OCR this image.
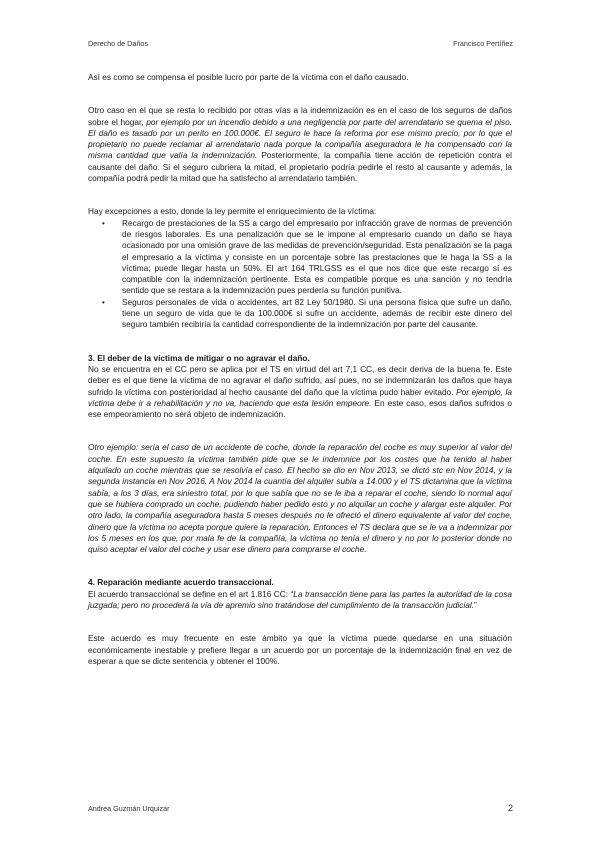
Derecho de Daños	Francisco Pertíñez

Así es como se compensa el posible lucro por parte de la víctima con el daño causado.

Otro caso en el que se resta lo recibido por otras vías a la indemnización es en el caso de los seguros de daños sobre el hogar, por ejemplo por un incendio debido a una negligencia por parte del arrendatario se quema el piso. El daño es tasado por un perito en 100.000€. El seguro le hace la reforma por ese mismo precio, por lo que el propietario no puede reclamar al arrendatario nada porque la compañía aseguradora le ha compensado con la misma cantidad que valía la indemnización. Posteriormente, la compañía tiene acción de repetición contra el causante del daño. Si el seguro cubriera la mitad, el propietario podría pedirle el resto al causante y además, la compañía podrá pedir la mitad que ha satisfecho al arrendatario también.

Hay excepciones a esto, donde la ley permite el enriquecimiento de la víctima:

• Recargo de prestaciones de la SS a cargo del empresario por infracción grave de normas de prevención de riesgos laborales. Es una penalización que se le impone al empresario cuando un daño se haya ocasionado por una omisión grave de las medidas de prevención/seguridad. Esta penalización se la paga el empresario a la víctima y consiste en un porcentaje sobre las prestaciones que le haga la SS a la víctima; puede llegar hasta un 50%. El art 164 TRLGSS es el que nos dice que este recargo sí es compatible con la indemnización pertinente. Esta es compatible porque es una sanción y no tendría sentido que se restara a la indemnización pues perdería su función punitiva.
• Seguros personales de vida o accidentes, art 82 Ley 50/1980. Si una persona física que sufre un daño, tiene un seguro de vida que le da 100.000€ si sufre un accidente, además de recibir este dinero del seguro también recibiría la cantidad correspondiente de la indemnización por parte del causante.

3. El deber de la víctima de mitigar o no agravar el daño.

No se encuentra en el CC pero se aplica por el TS en virtud del art 7,1 CC, es decir deriva de la buena fe. Este deber es el que tiene la víctima de no agravar el daño sufrido, así pues, no se indemnizarán los daños que haya sufrido la víctima con posterioridad al hecho causante del daño que la víctima pudo haber evitado. Por ejemplo, la víctima debe ir a rehabilitación y no va, haciendo que esta lesión empeore. En este caso, esos daños sufridos o ese empeoramiento no será objeto de indemnización.

Otro ejemplo: sería el caso de un accidente de coche, donde la reparación del coche es muy superior al valor del coche. En este supuesto la víctima también pide que se le indemnice por los costes que ha tenido al haber alquilado un coche mientras que se resolvía el caso. El hecho se dio en Nov 2013, se dictó stc en Nov 2014, y la segunda instancia en Nov 2016. A Nov 2014 la cuantía del alquiler subía a 14.000 y el TS dictamina que la víctima sabía, a los 3 días, era siniestro total, por lo que sabía que no se le iba a reparar el coche, siendo lo normal aquí que se hubiera comprado un coche, pudiendo haber pedido esto y no alquilar un coche y alargar este alquiler. Por otro lado, la compañía aseguradora hasta 5 meses después no le ofreció el dinero equivalente al valor del coche, dinero que la víctima no acepta porque quiere la reparación. Entonces el TS declara que se le va a indemnizar por los 5 meses en los que, por mala fe de la compañía, la víctima no tenía el dinero y no por lo posterior donde no quiso aceptar el valor del coche y usar ese dinero para comprarse el coche.

4. Reparación mediante acuerdo transaccional.

El acuerdo transaccional se define en el art 1.816 CC: “La transacción tiene para las partes la autoridad de la cosa juzgada; pero no procederá la vía de apremio sino tratándose del cumplimiento de la transacción judicial.”

Este acuerdo es muy frecuente en este ámbito ya que la víctima puede quedarse en una situación económicamente inestable y prefiere llegar a un acuerdo por un porcentaje de la indemnización final en vez de esperar a que se dicte sentencia y obtener el 100%.

Andrea Guzmán Urquizar	2
